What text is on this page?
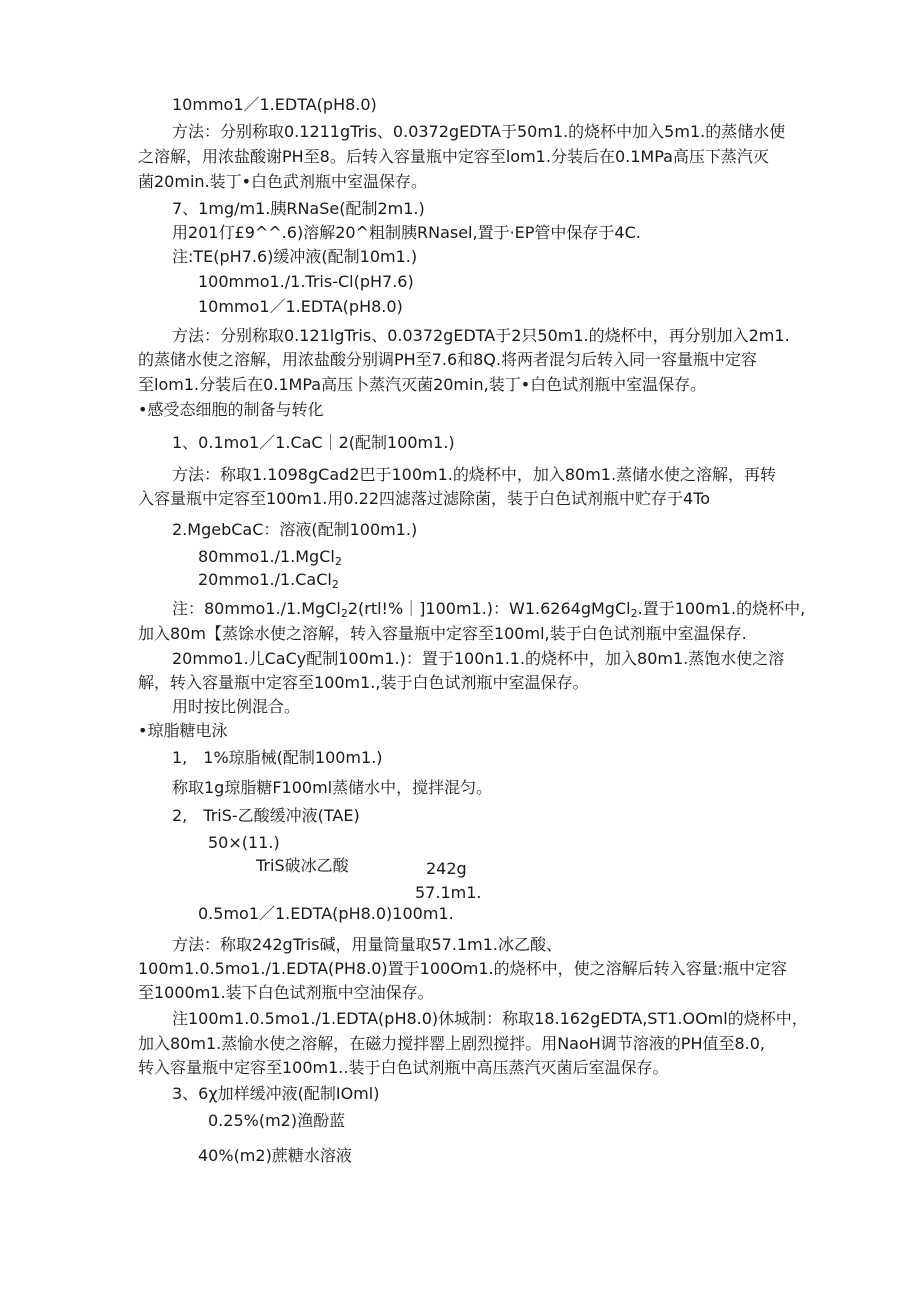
10mmo1／1.EDTA(pH8.0)
方法：分别称取0.1211gTris、0.0372gEDTA于50m1.的烧杯中加入5m1.的蒸储水使
之溶解，用浓盐酸谢PH至8。后转入容量瓶中定容至lom1.分装后在0.1MPa高压下蒸汽灭
菌20min.装丁•白色武剂瓶中室温保存。
7、1mg/m1.胰RNaSe(配制2m1.)
用201仃£9^^.6)溶解20^粗制胰RNasel,置于·EP管中保存于4C.
注:TE(pH7.6)缓冲液(配制10m1.)
100mmo1./1.Tris-Cl(pH7.6)
10mmo1／1.EDTA(pH8.0)
方法：分别称取0.121lgTris、0.0372gEDTA于2只50m1.的烧杯中，再分别加入2m1.
的蒸储水使之溶解，用浓盐酸分别调PH至7.6和8Q.将两者混匀后转入同一容量瓶中定容
至lom1.分装后在0.1MPa高压卜蒸汽灭菌20min,装丁•白色试剂瓶中室温保存。
•感受态细胞的制备与转化
1、0.1mo1／1.CaC｜2(配制100m1.)
方法：称取1.1098gCad2巴于100m1.的烧杯中，加入80m1.蒸储水使之溶解，再转
入容量瓶中定容至100m1.用0.22四滤落过滤除菌，装于白色试剂瓶中贮存于4To
2.MgebCaC：溶液(配制100m1.)
80mmo1./1.MgCl$_2$
20mmo1./1.CaCl$_2$
注：80mmo1./1.MgCl$_2$2(rtl!%｜]100m1.)：W1.6264gMgCl$_2$.置于100m1.的烧杯中,
加入80m【蒸馀水使之溶解，转入容量瓶中定容至100ml,装于白色试剂瓶中室温保存.
20mmo1.儿CaCy配制100m1.)：置于100n1.1.的烧杯中，加入80m1.蒸饱水使之溶
解，转入容量瓶中定容至100m1.,装于白色试剂瓶中室温保存。
用时按比例混合。
•琼脂糖电泳
1,　1%琼脂械(配制100m1.)
称取1g琼脂糖F100ml蒸储水中，搅拌混匀。
2,　TriS-乙酸缓冲液(TAE)
50×(11.)
TriS破冰乙酸	242g
57.1m1.
0.5mo1／1.EDTA(pH8.0)100m1.
方法：称取242gTris碱，用量筒量取57.1m1.冰乙酸、
100m1.0.5mo1./1.EDTA(PH8.0)置于100Om1.的烧杯中，使之溶解后转入容量:瓶中定容
至1000m1.装下白色试剂瓶中空油保存。
注100m1.0.5mo1./1.EDTA(pH8.0)休城制：称取18.162gEDTA,ST1.OOml的烧杯中，
加入80m1.蒸愉水使之溶解，在磁力搅拌罂上剧烈搅拌。用NaoH调节溶液的PH值至8.0,
转入容量瓶中定容至100m1..装于白色试剂瓶中高压蒸汽灭菌后室温保存。
3、6χ加样缓冲液(配制IOml)
0.25%(m2)渔酚蓝
40%(m2)蔗糖水溶液
